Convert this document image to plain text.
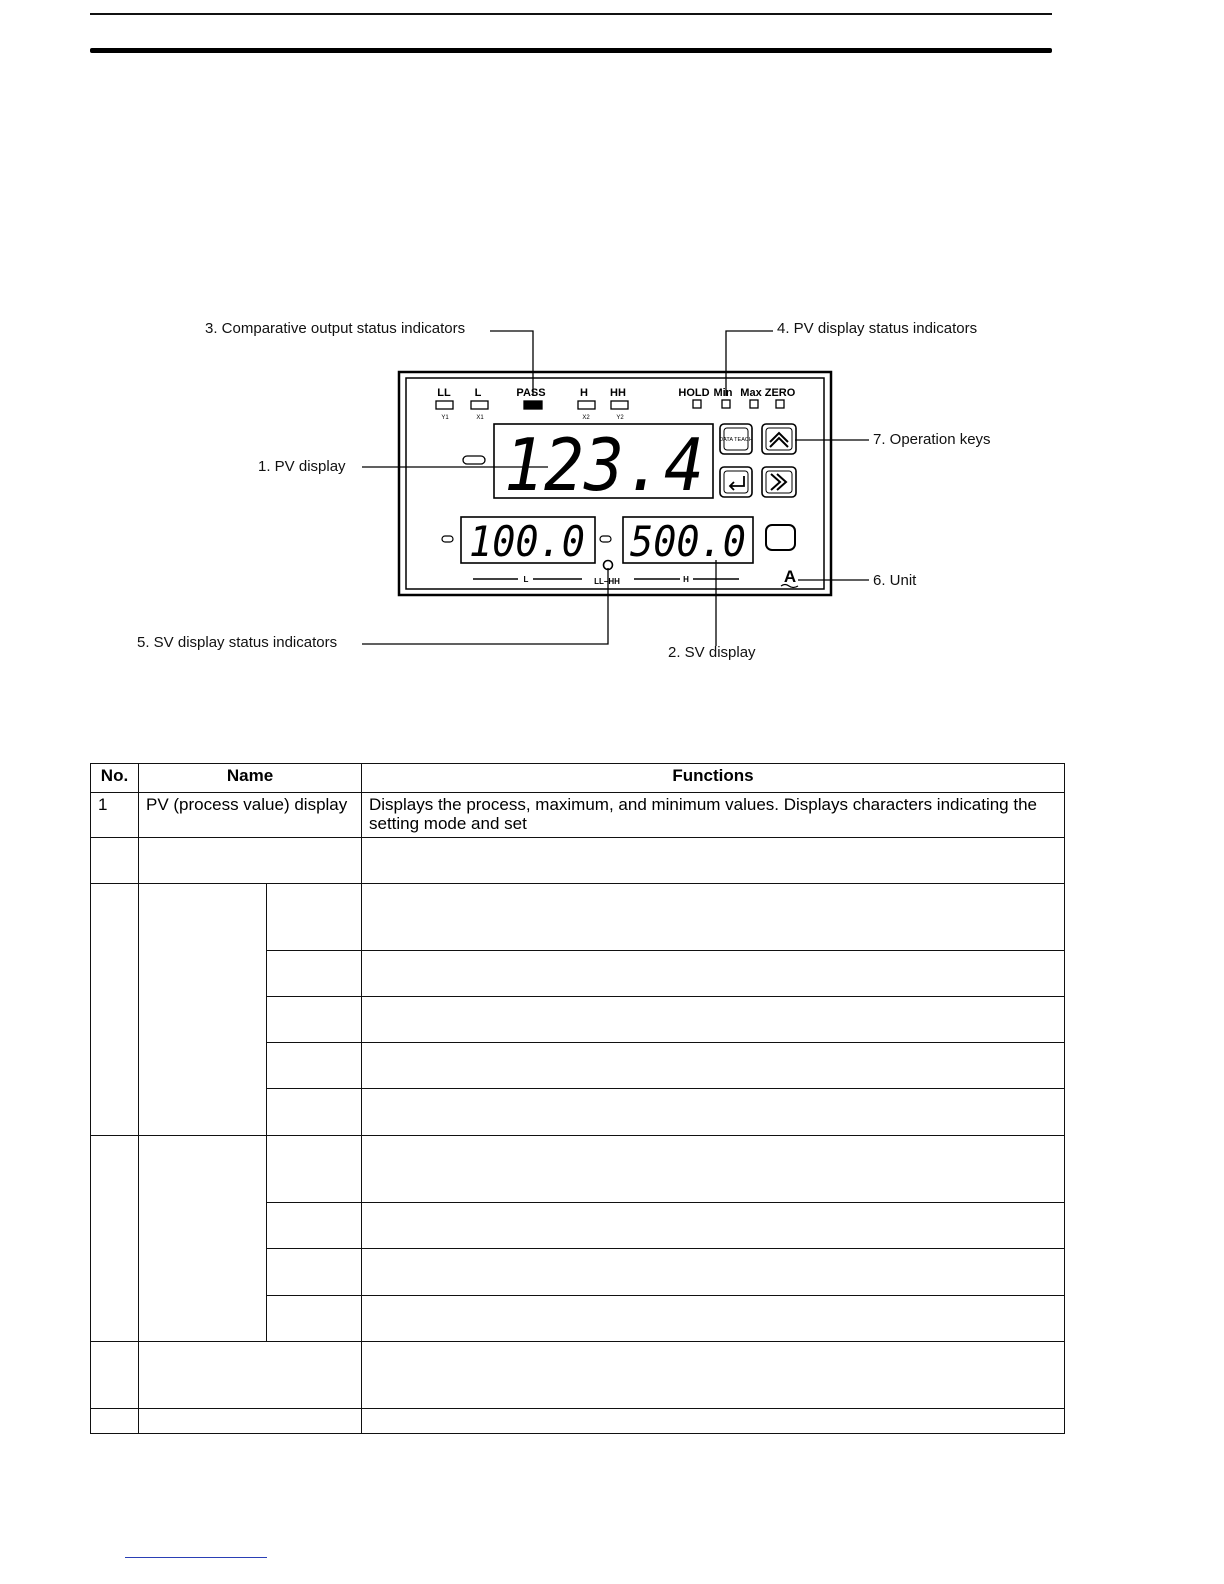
3. Comparative output status indicators	4. PV display status indicators
1. PV display
7. Operation keys
6. Unit
5. SV display status indicators
2. SV display
LL L	PASS	H HH
Y1	X1	X2	Y2
HOLD Min Max ZERO
123.4	DATA TEACH
100.0 500.0
L	LL–HH	H	A
No.	Name		Functions
1	PV (process value) display		Displays the process, maximum, and minimum values. Displays characters indicating the setting mode and set
